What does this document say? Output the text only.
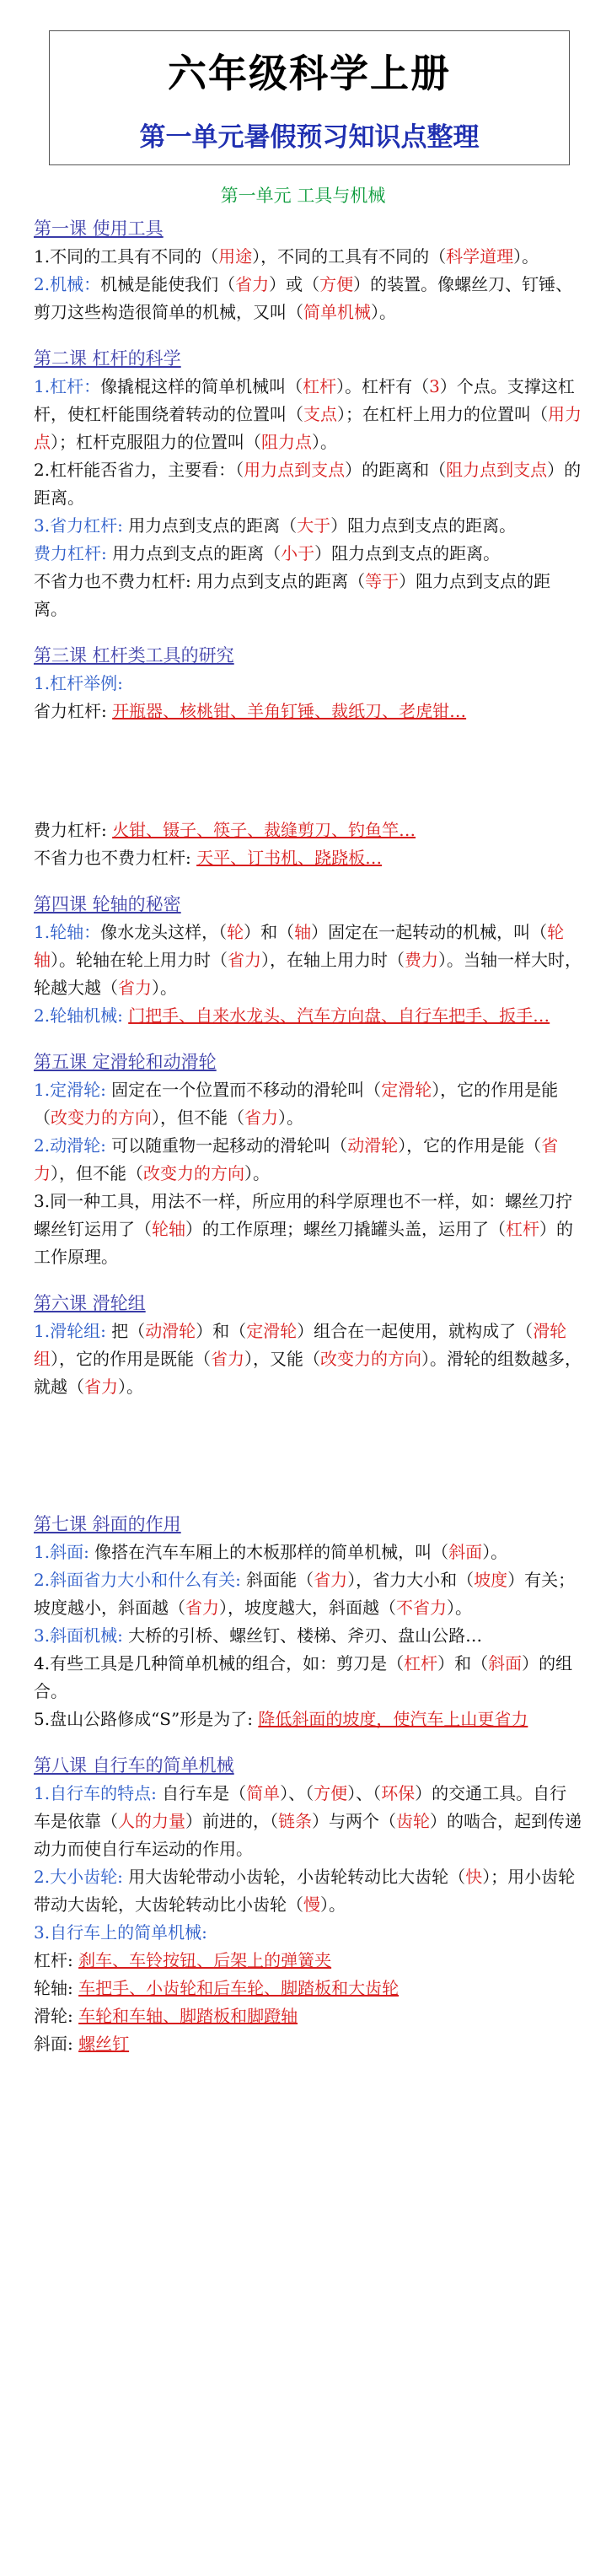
六年级科学上册
第一单元暑假预习知识点整理
第一单元 工具与机械
第一课 使用工具
1.不同的工具有不同的（用途），不同的工具有不同的（科学道理）。
2.机械：机械是能使我们（省力）或（方便）的装置。像螺丝刀、钉锤、剪刀这些构造很简单的机械，又叫（简单机械）。
第二课 杠杆的科学
1.杠杆：像撬棍这样的简单机械叫（杠杆）。杠杆有（3）个点。支撑这杠杆，使杠杆能围绕着转动的位置叫（支点）；在杠杆上用力的位置叫（用力点）；杠杆克服阻力的位置叫（阻力点）。
2.杠杆能否省力，主要看：（用力点到支点）的距离和（阻力点到支点）的距离。
3.省力杠杆: 用力点到支点的距离（大于）阻力点到支点的距离。
费力杠杆: 用力点到支点的距离（小于）阻力点到支点的距离。
不省力也不费力杠杆: 用力点到支点的距离（等于）阻力点到支点的距离。
第三课 杠杆类工具的研究
1.杠杆举例:
省力杠杆: 开瓶器、核桃钳、羊角钉锤、裁纸刀、老虎钳…
费力杠杆: 火钳、镊子、筷子、裁缝剪刀、钓鱼竿…
不省力也不费力杠杆: 天平、订书机、跷跷板…
第四课 轮轴的秘密
1.轮轴：像水龙头这样，（轮）和（轴）固定在一起转动的机械，叫（轮轴）。轮轴在轮上用力时（省力），在轴上用力时（费力）。当轴一样大时，轮越大越（省力）。
2.轮轴机械: 门把手、自来水龙头、汽车方向盘、自行车把手、扳手…
第五课 定滑轮和动滑轮
1.定滑轮: 固定在一个位置而不移动的滑轮叫（定滑轮），它的作用是能（改变力的方向），但不能（省力）。
2.动滑轮: 可以随重物一起移动的滑轮叫（动滑轮），它的作用是能（省力），但不能（改变力的方向）。
3.同一种工具，用法不一样，所应用的科学原理也不一样，如：螺丝刀拧螺丝钉运用了（轮轴）的工作原理；螺丝刀撬罐头盖，运用了（杠杆）的工作原理。
第六课 滑轮组
1.滑轮组: 把（动滑轮）和（定滑轮）组合在一起使用，就构成了（滑轮组），它的作用是既能（省力），又能（改变力的方向）。滑轮的组数越多，就越（省力）。
第七课 斜面的作用
1.斜面: 像搭在汽车车厢上的木板那样的简单机械，叫（斜面）。
2.斜面省力大小和什么有关: 斜面能（省力），省力大小和（坡度）有关；坡度越小，斜面越（省力），坡度越大，斜面越（不省力）。
3.斜面机械: 大桥的引桥、螺丝钉、楼梯、斧刃、盘山公路…
4.有些工具是几种简单机械的组合，如：剪刀是（杠杆）和（斜面）的组合。
5.盘山公路修成“S”形是为了: 降低斜面的坡度，使汽车上山更省力
第八课 自行车的简单机械
1.自行车的特点: 自行车是（简单）、（方便）、（环保）的交通工具。自行车是依靠（人的力量）前进的，（链条）与两个（齿轮）的啮合，起到传递动力而使自行车运动的作用。
2.大小齿轮: 用大齿轮带动小齿轮，小齿轮转动比大齿轮（快）；用小齿轮带动大齿轮，大齿轮转动比小齿轮（慢）。
3.自行车上的简单机械:
杠杆: 刹车、车铃按钮、后架上的弹簧夹
轮轴: 车把手、小齿轮和后车轮、脚踏板和大齿轮
滑轮: 车轮和车轴、脚踏板和脚蹬轴
斜面: 螺丝钉
